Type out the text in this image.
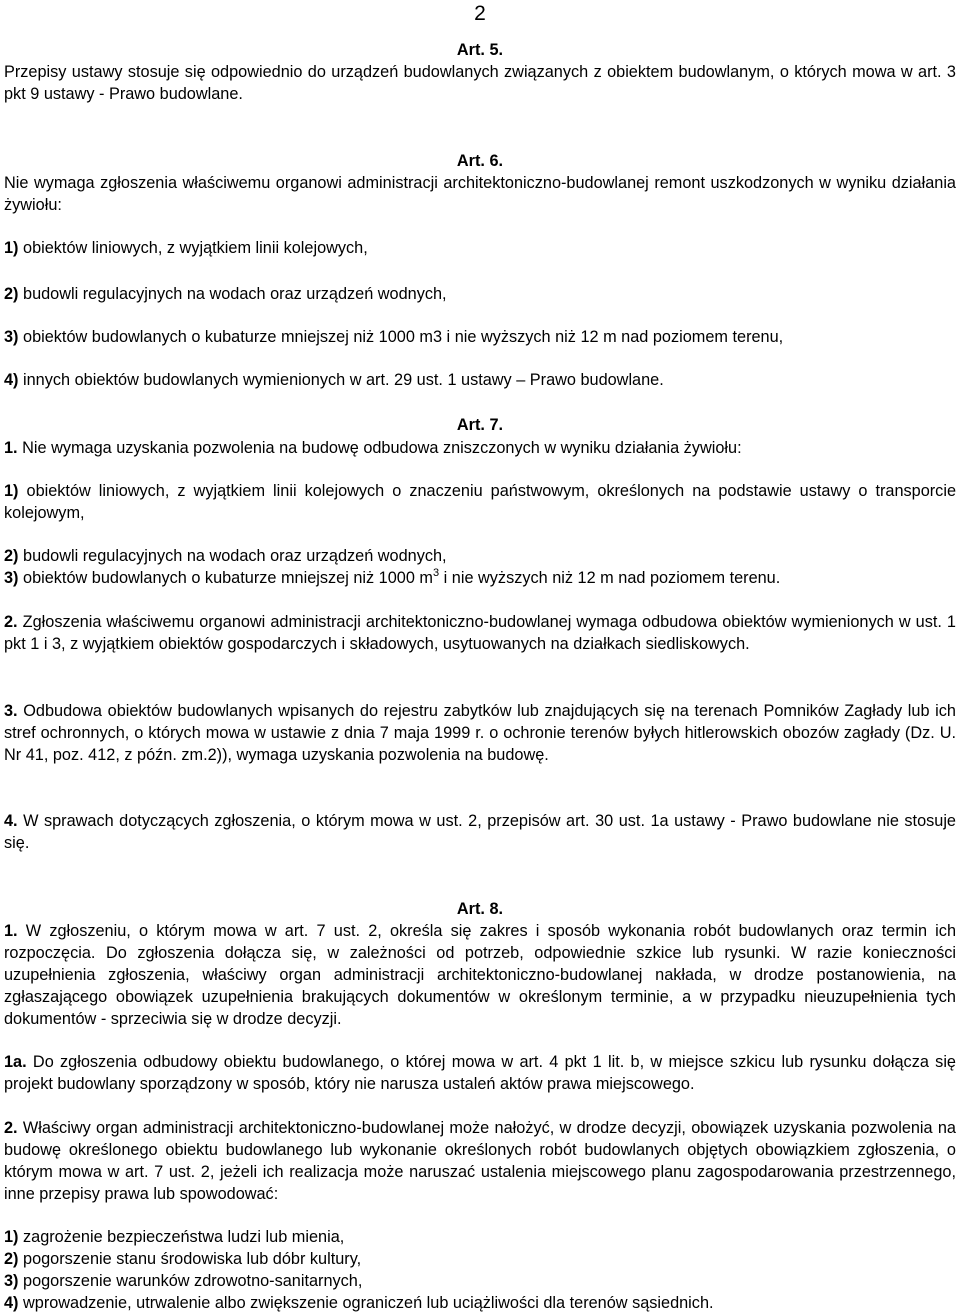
2
Art. 5.

Przepisy ustawy stosuje się odpowiednio do urządzeń budowlanych związanych z obiektem budowlanym, o których mowa w art. 3 pkt 9 ustawy - Prawo budowlane.

Art. 6.

Nie wymaga zgłoszenia właściwemu organowi administracji architektoniczno-budowlanej remont uszkodzonych w wyniku działania żywiołu:

1) obiektów liniowych, z wyjątkiem linii kolejowych,

2) budowli regulacyjnych na wodach oraz urządzeń wodnych,

3) obiektów budowlanych o kubaturze mniejszej niż 1000 m3 i nie wyższych niż 12 m nad poziomem terenu,

4) innych obiektów budowlanych wymienionych w art. 29 ust. 1 ustawy – Prawo budowlane.

Art. 7.

1. Nie wymaga uzyskania pozwolenia na budowę odbudowa zniszczonych w wyniku działania żywiołu:

1) obiektów liniowych, z wyjątkiem linii kolejowych o znaczeniu państwowym, określonych na podstawie ustawy o transporcie kolejowym,

2) budowli regulacyjnych na wodach oraz urządzeń wodnych,

3) obiektów budowlanych o kubaturze mniejszej niż 1000 $m^3$ i nie wyższych niż 12 m nad poziomem terenu.

2. Zgłoszenia właściwemu organowi administracji architektoniczno-budowlanej wymaga odbudowa obiektów wymienionych w ust. 1 pkt 1 i 3, z wyjątkiem obiektów gospodarczych i składowych, usytuowanych na działkach siedliskowych.

3. Odbudowa obiektów budowlanych wpisanych do rejestru zabytków lub znajdujących się na terenach Pomników Zagłady lub ich stref ochronnych, o których mowa w ustawie z dnia 7 maja 1999 r. o ochronie terenów byłych hitlerowskich obozów zagłady (Dz. U. Nr 41, poz. 412, z późn. zm.2)), wymaga uzyskania pozwolenia na budowę.

4. W sprawach dotyczących zgłoszenia, o którym mowa w ust. 2, przepisów art. 30 ust. 1a ustawy - Prawo budowlane nie stosuje się.

Art. 8.

1. W zgłoszeniu, o którym mowa w art. 7 ust. 2, określa się zakres i sposób wykonania robót budowlanych oraz termin ich rozpoczęcia. Do zgłoszenia dołącza się, w zależności od potrzeb, odpowiednie szkice lub rysunki. W razie konieczności uzupełnienia zgłoszenia, właściwy organ administracji architektoniczno-budowlanej nakłada, w drodze postanowienia, na zgłaszającego obowiązek uzupełnienia brakujących dokumentów w określonym terminie, a w przypadku nieuzupełnienia tych dokumentów - sprzeciwia się w drodze decyzji.

1a. Do zgłoszenia odbudowy obiektu budowlanego, o której mowa w art. 4 pkt 1 lit. b, w miejsce szkicu lub rysunku dołącza się projekt budowlany sporządzony w sposób, który nie narusza ustaleń aktów prawa miejscowego.

2. Właściwy organ administracji architektoniczno-budowlanej może nałożyć, w drodze decyzji, obowiązek uzyskania pozwolenia na budowę określonego obiektu budowlanego lub wykonanie określonych robót budowlanych objętych obowiązkiem zgłoszenia, o którym mowa w art. 7 ust. 2, jeżeli ich realizacja może naruszać ustalenia miejscowego planu zagospodarowania przestrzennego, inne przepisy prawa lub spowodować:

1) zagrożenie bezpieczeństwa ludzi lub mienia,

2) pogorszenie stanu środowiska lub dóbr kultury,

3) pogorszenie warunków zdrowotno-sanitarnych,

4) wprowadzenie, utrwalenie albo zwiększenie ograniczeń lub uciążliwości dla terenów sąsiednich.
